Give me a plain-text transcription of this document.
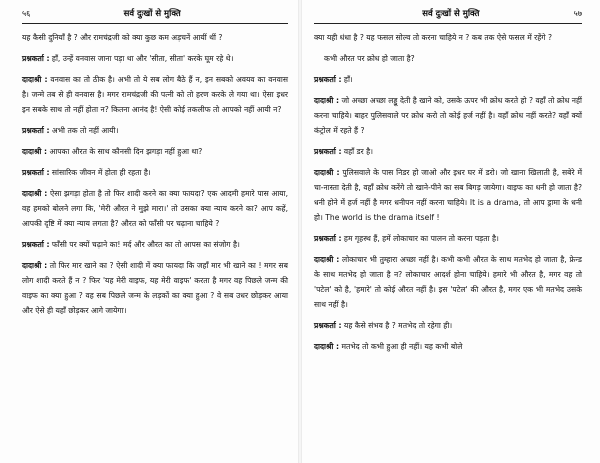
५६	सर्व दुःखों से मुक्ति

यह कैसी दुनियाँ है ? और रामचंद्रजी को क्या कुछ कम अड़चनें आयीं थीं ?

प्रश्नकर्ता : हाँ, उन्हें वनवास जाना पड़ा था और 'सीता, सीता' करके घूम रहे थे।

दादाश्री : वनवास का तो ठीक है। अभी तो ये सब लोग बैठे हैं न, इन सबको अवयव का वनवास है। जन्मे तब से ही वनवास है। मगर रामचंद्रजी की पत्नी को तो हरण करके ले गया था। ऐसा इधर इन सबके साथ तो नहीं होता न? कितना आनंद है! ऐसी कोई तकलीफ तो आपको नहीं आयी न?

प्रश्नकर्ता : अभी तक तो नहीं आयी।

दादाश्री : आपका औरत के साथ कौनसी दिन झगड़ा नहीं हुआ था?

प्रश्नकर्ता : सांसारिक जीवन में होता ही रहता है।

दादाश्री : ऐसा झगड़ा होता है तो फिर शादी करने का क्या फायदा? एक आदमी हमारे पास आया, वह हमको बोलने लगा कि, 'मेरी औरत ने मुझे मारा।' तो उसका क्या न्याय करने का? आप कहें, आपकी दृष्टि में क्या न्याय लगता है? औरत को फाँसी पर चढ़ाना चाहिये ?

प्रश्नकर्ता : फाँसी पर क्यों चढ़ाने का! मर्द और औरत का तो आपस का संजोग है।

दादाश्री : तो फिर मार खाने का ? ऐसी शादी में क्या फायदा कि जहाँ मार भी खाने का ! मगर सब लोग शादी करते हैं न ? फिर 'यह मेरी वाइफ, यह मेरी वाइफ' करता है मगर वह पिछले जन्म की वाइफ का क्या हुआ ? वह सब पिछले जन्म के लड़कों का क्या हुआ ? वे सब उधर छोड़कर आया और ऐसे ही यहाँ छोड़कर आगे जायेगा।

सर्व दुःखों से मुक्ति	५७

क्या यही धंधा है ? यह फसल सोल्व तो करना चाहिये न ? कब तक ऐसे फसल में रहेंगे ?

कभी औरत पर क्रोध हो जाता है?

प्रश्नकर्ता : हाँ।

दादाश्री : जो अच्छा अच्छा लड्डू देती है खाने को, उसके ऊपर भी क्रोध करते हो ? वहाँ तो क्रोध नहीं करना चाहिये। बाहर पुलिसवाले पर क्रोध करो तो कोई हर्ज नहीं है। वहाँ क्रोध नहीं करते? वहाँ क्यों कंट्रोल में रहते हैं ?

प्रश्नकर्ता : वहाँ डर है।

दादाश्री : पुलिसवाले के पास निडर हो जाओ और इधर घर में डरो। जो खाना खिलाती है, सबेरे में चा-नास्ता देती है, वहाँ क्रोध करेंगे तो खाने-पीने का सब बिगड़ जायेगा। वाइफ का धनी हो जाता है? धनी होने में हर्ज नहीं है मगर धनीपन नहीं करना चाहिये। It is a drama, तो आप ड्रामा के धनी हो। The world is the drama itself !

प्रश्नकर्ता : हम गृहस्थ हैं, हमें लोकाचार का पालन तो करना पड़ता है।

दादाश्री : लोकाचार भी तुम्हारा अच्छा नहीं है। कभी कभी औरत के साथ मतभेद हो जाता है, फ्रेन्ड के साथ मतभेद हो जाता है न? लोकाचार आदर्श होना चाहिये। हमारे भी औरत है, मगर वह तो 'पटेल' को है, 'हमारे' तो कोई औरत नहीं है। इस 'पटेल' की औरत है, मगर एक भी मतभेद उसके साथ नहीं है।

प्रश्नकर्ता : यह कैसे संभव है ? मतभेद तो रहेगा ही।

दादाश्री : मतभेद तो कभी हुआ ही नहीं। यह कभी बोले
